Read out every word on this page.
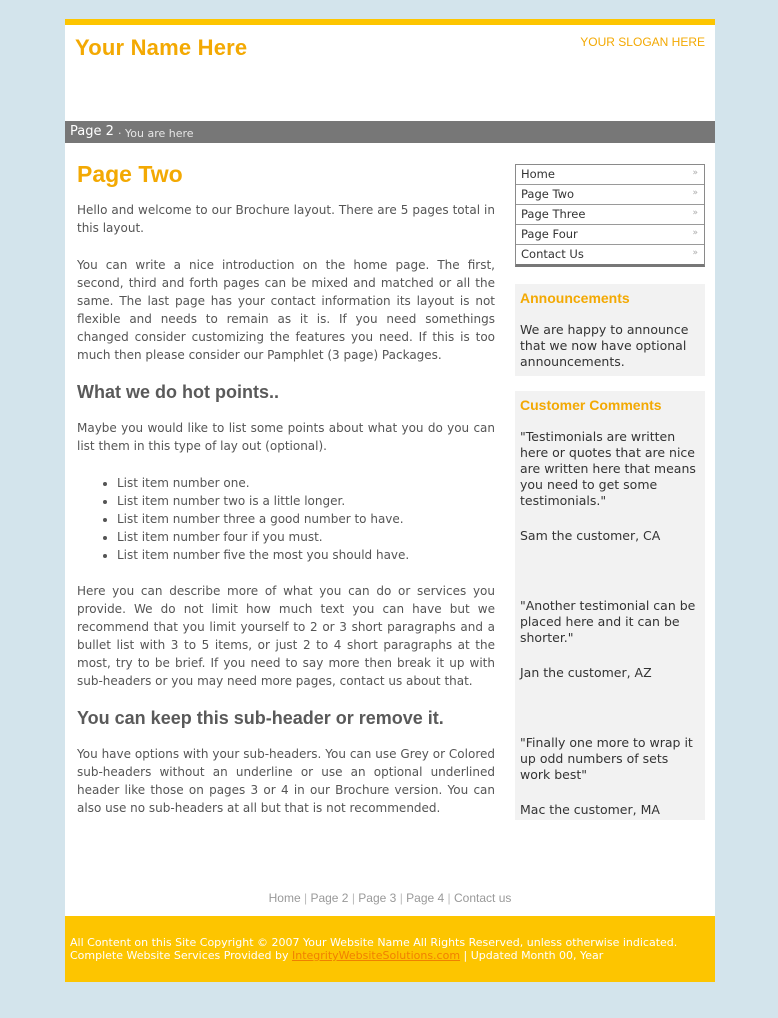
Your Name Here	YOUR SLOGAN HERE
Page 2 · You are here
Page Two

Hello and welcome to our Brochure layout. There are 5 pages total in this layout.

You can write a nice introduction on the home page. The first, second, third and forth pages can be mixed and matched or all the same. The last page has your contact information its layout is not flexible and needs to remain as it is. If you need somethings changed consider customizing the features you need. If this is too much then please consider our Pamphlet (3 page) Packages.

What we do hot points..

Maybe you would like to list some points about what you do you can list them in this type of lay out (optional).

• List item number one.
• List item number two is a little longer.
• List item number three a good number to have.
• List item number four if you must.
• List item number five the most you should have.

Here you can describe more of what you can do or services you provide. We do not limit how much text you can have but we recommend that you limit yourself to 2 or 3 short paragraphs and a bullet list with 3 to 5 items, or just 2 to 4 short paragraphs at the most, try to be brief. If you need to say more then break it up with sub-headers or you may need more pages, contact us about that.

You can keep this sub-header or remove it.

You have options with your sub-headers. You can use Grey or Colored sub-headers without an underline or use an optional underlined header like those on pages 3 or 4 in our Brochure version. You can also use no sub-headers at all but that is not recommended.

Home	»
Page Two	»
Page Three	»
Page Four	»
Contact Us	»
Announcements

We are happy to announce that we now have optional announcements.

Customer Comments

"Testimonials are written here or quotes that are nice are written here that means you need to get some testimonials."

Sam the customer, CA

"Another testimonial can be placed here and it can be shorter."

Jan the customer, AZ

"Finally one more to wrap it up odd numbers of sets work best"

Mac the customer, MA

Home | Page 2 | Page 3 | Page 4 | Contact us
All Content on this Site Copyright © 2007 Your Website Name All Rights Reserved, unless otherwise indicated.
Complete Website Services Provided by IntegrityWebsiteSolutions.com | Updated Month 00, Year
